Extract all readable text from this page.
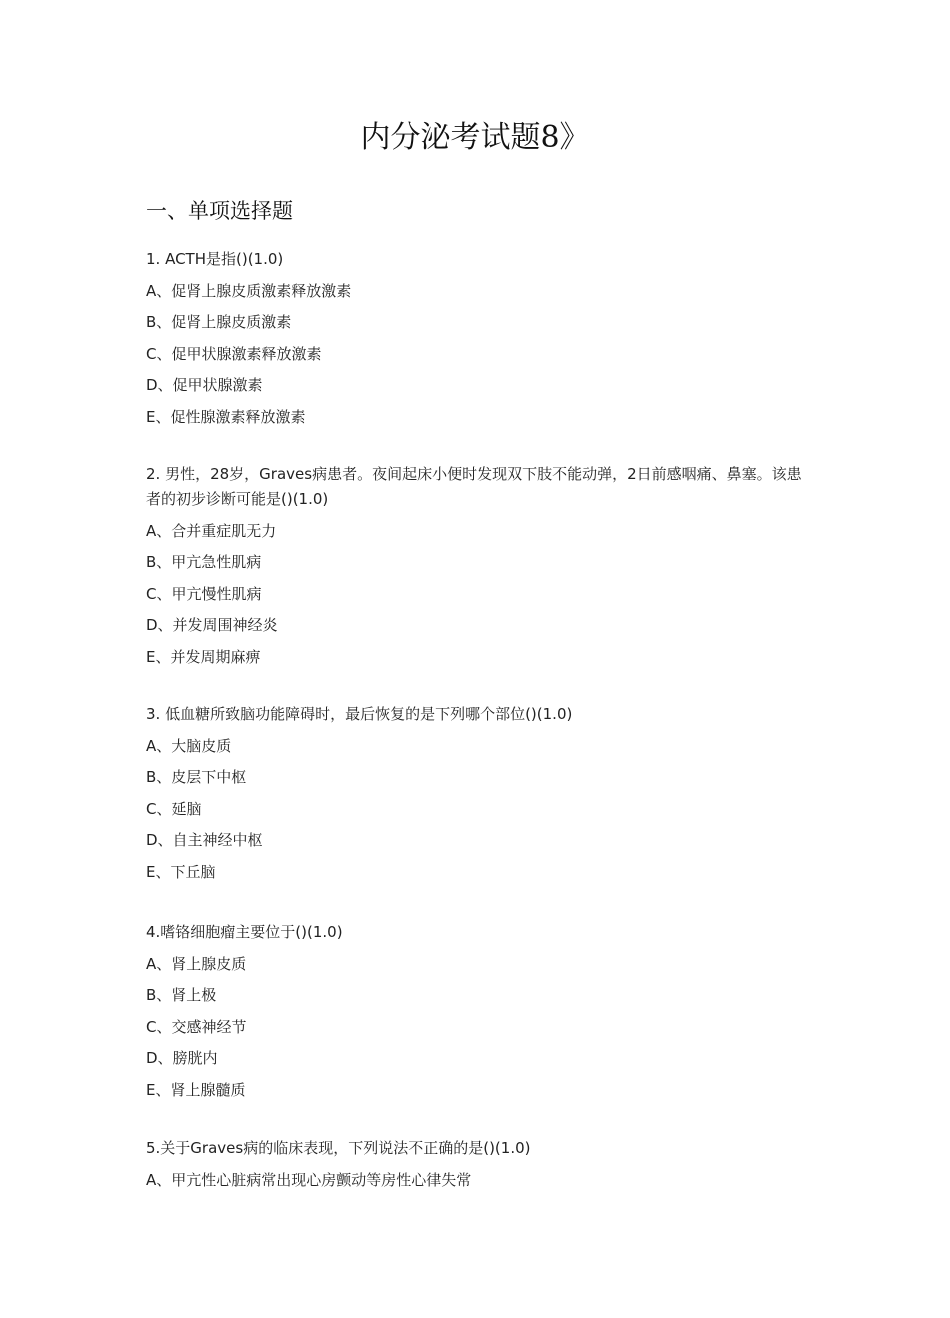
内分泌考试题8》
一、单项选择题

1. ACTH是指()(1.0)

A、促肾上腺皮质激素释放激素
B、促肾上腺皮质激素
C、促甲状腺激素释放激素
D、促甲状腺激素
E、促性腺激素释放激素

2. 男性，28岁，Graves病患者。夜间起床小便时发现双下肢不能动弹，2日前感咽痛、鼻塞。该患者的初步诊断可能是()(1.0)

A、合并重症肌无力
B、甲亢急性肌病
C、甲亢慢性肌病
D、并发周围神经炎
E、并发周期麻痹

3. 低血糖所致脑功能障碍时，最后恢复的是下列哪个部位()(1.0)

A、大脑皮质
B、皮层下中枢
C、延脑
D、自主神经中枢
E、下丘脑

4.嗜铬细胞瘤主要位于()(1.0)

A、肾上腺皮质
B、肾上极
C、交感神经节
D、膀胱内
E、肾上腺髓质

5.关于Graves病的临床表现，下列说法不正确的是()(1.0)

A、甲亢性心脏病常出现心房颤动等房性心律失常
